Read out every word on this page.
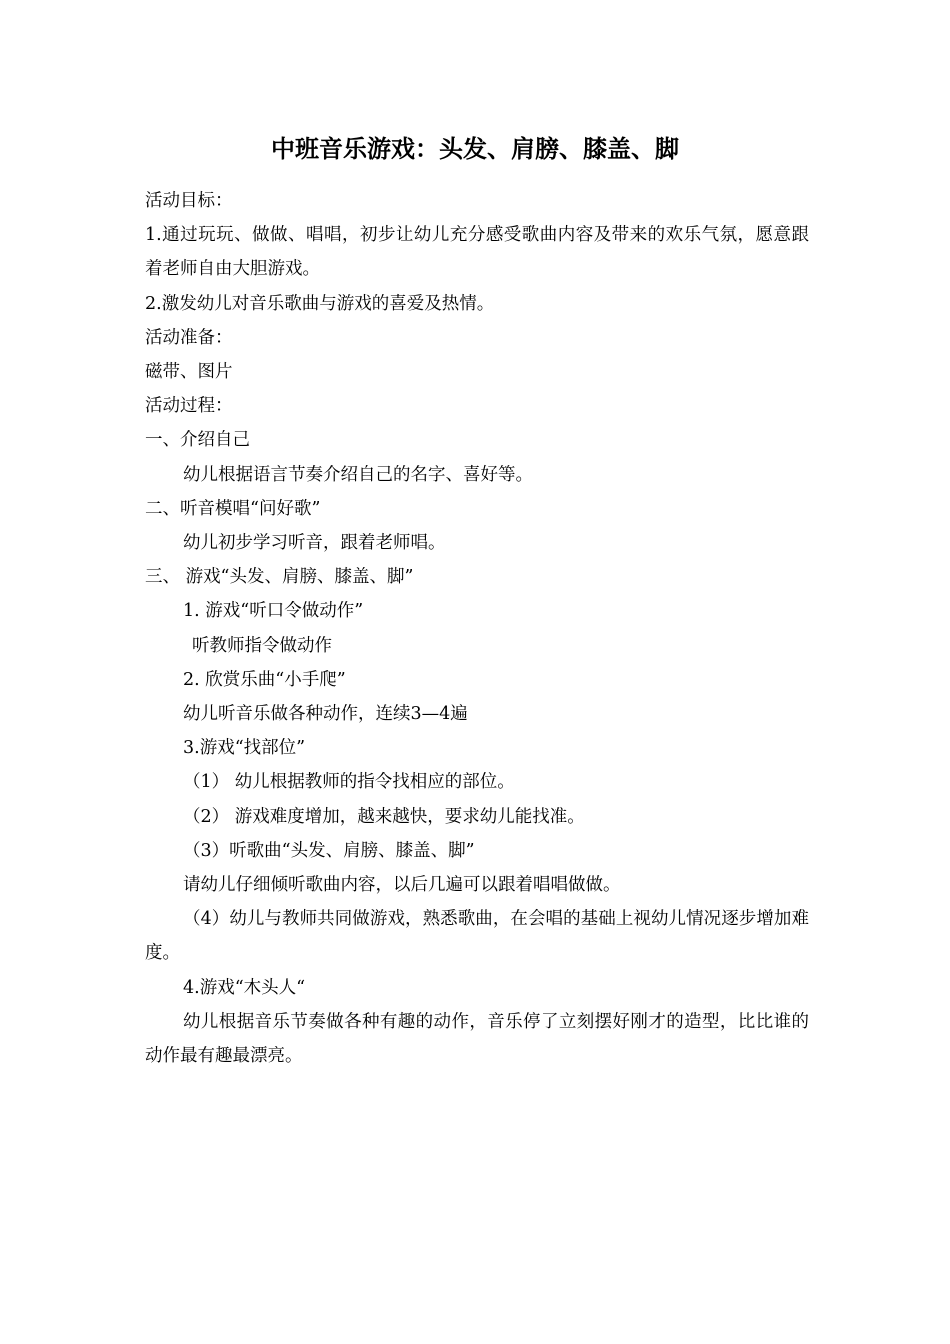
中班音乐游戏：头发、肩膀、膝盖、脚

活动目标：

1.通过玩玩、做做、唱唱，初步让幼儿充分感受歌曲内容及带来的欢乐气氛，愿意跟着老师自由大胆游戏。

2.激发幼儿对音乐歌曲与游戏的喜爱及热情。

活动准备：

磁带、图片

活动过程：

一、介绍自己

幼儿根据语言节奏介绍自己的名字、喜好等。

二、听音模唱“问好歌”

幼儿初步学习听音，跟着老师唱。

三、 游戏“头发、肩膀、膝盖、脚”

1. 游戏“听口令做动作”

听教师指令做动作

2. 欣赏乐曲“小手爬”

幼儿听音乐做各种动作，连续3—4遍

3.游戏“找部位”

（1） 幼儿根据教师的指令找相应的部位。

（2） 游戏难度增加，越来越快，要求幼儿能找准。

（3）听歌曲“头发、肩膀、膝盖、脚”

请幼儿仔细倾听歌曲内容，以后几遍可以跟着唱唱做做。

（4）幼儿与教师共同做游戏，熟悉歌曲，在会唱的基础上视幼儿情况逐步增加难度。

4.游戏“木头人“

幼儿根据音乐节奏做各种有趣的动作，音乐停了立刻摆好刚才的造型，比比谁的动作最有趣最漂亮。
